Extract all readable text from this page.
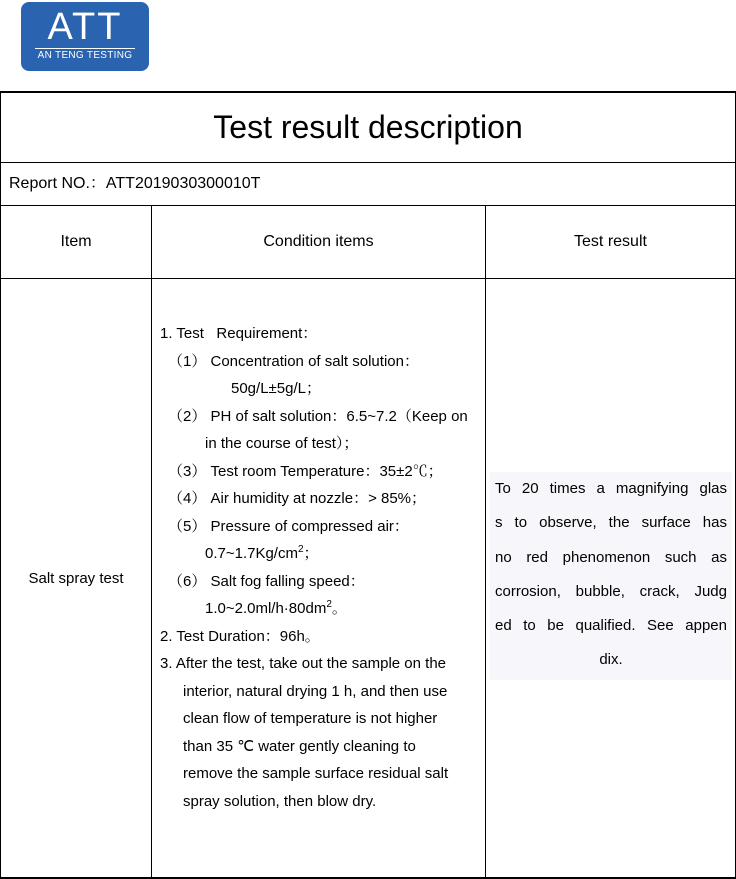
ATT
AN TENG TESTING
Test result description
Report NO.：ATT2019030300010T
Item	Condition items	Test result
Salt spray test
1. Test   Requirement：
（1） Concentration of salt solution：
50g/L±5g/L；
（2） PH of salt solution：6.5~7.2（Keep on
in the course of test）；
（3） Test room Temperature：35±2℃；
（4） Air humidity at nozzle：> 85%；
（5） Pressure of compressed air：
$0.7\sim 1.7Kg/cm^2$；
（6） Salt fog falling speed：
$1.0\sim 2.0ml/h\cdot 80dm^2$。
2. Test Duration：96h。
3. After the test, take out the sample on the
interior, natural drying 1 h, and then use
clean flow of temperature is not higher
than 35 ℃ water gently cleaning to
remove the sample surface residual salt
spray solution, then blow dry.
To 20 times a magnifying glas
s to observe, the surface has
no red phenomenon such as
corrosion, bubble, crack, Judg
ed to be qualified. See appen
dix.
